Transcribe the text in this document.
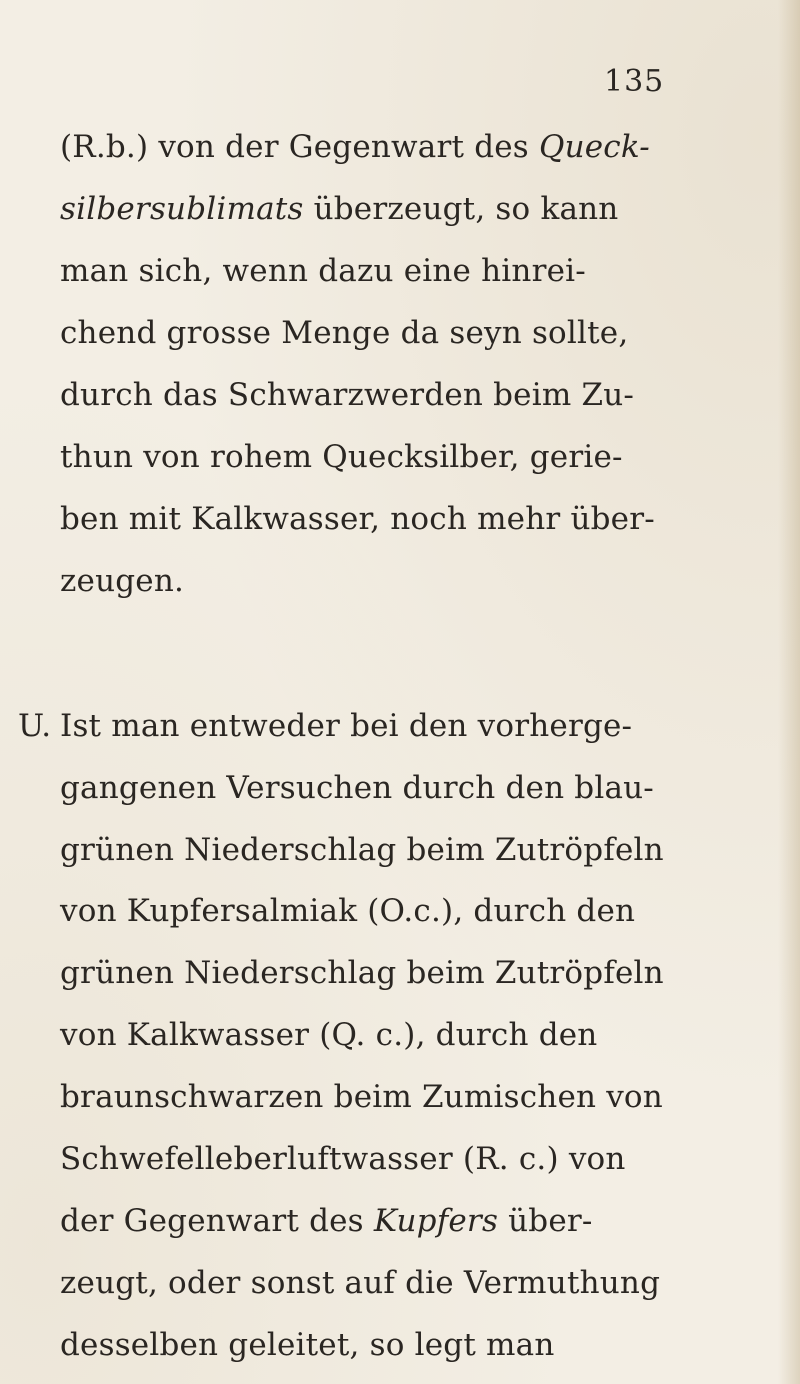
135
U.
(R.b.) von der Gegenwart des Queck-
silbersublimats überzeugt, so kann
man sich, wenn dazu eine hinrei-
chend grosse Menge da seyn sollte,
durch das Schwarzwerden beim Zu-
thun von rohem Quecksilber, gerie-
ben mit Kalkwasser, noch mehr über-
zeugen.
Ist man entweder bei den vorherge-
gangenen Versuchen durch den blau-
grünen Niederschlag beim Zutröpfeln
von Kupfersalmiak (O.c.), durch den
grünen Niederschlag beim Zutröpfeln
von Kalkwasser (Q. c.), durch den
braunschwarzen beim Zumischen von
Schwefelleberluftwasser (R. c.) von
der Gegenwart des Kupfers über-
zeugt, oder sonst auf die Vermuthung
desselben geleitet, so legt man
